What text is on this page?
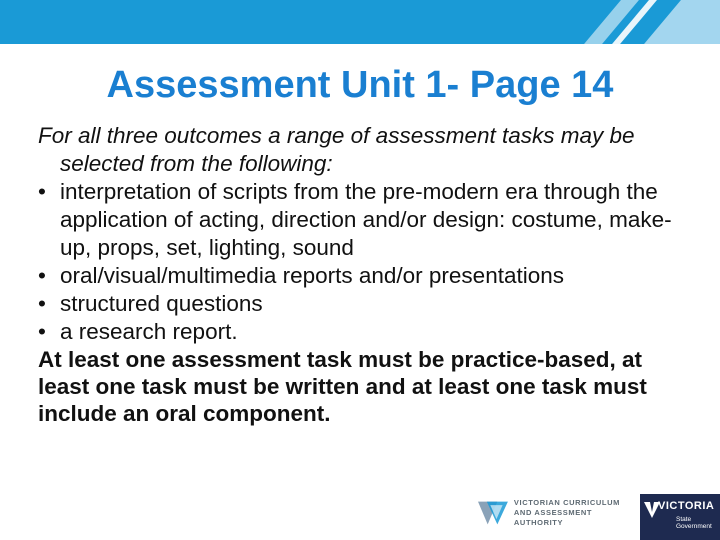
Assessment Unit 1- Page 14

For all three outcomes a range of assessment tasks may be selected from the following:

• interpretation of scripts from the pre-modern era through the application of acting, direction and/or design: costume, make-up, props, set, lighting, sound
• oral/visual/multimedia reports and/or presentations
• structured questions
• a research report.

At least one assessment task must be practice-based, at least one task must be written and at least one task must include an oral component.

VICTORIAN CURRICULUM
AND ASSESSMENT AUTHORITY
VICTORIA
State
Government
